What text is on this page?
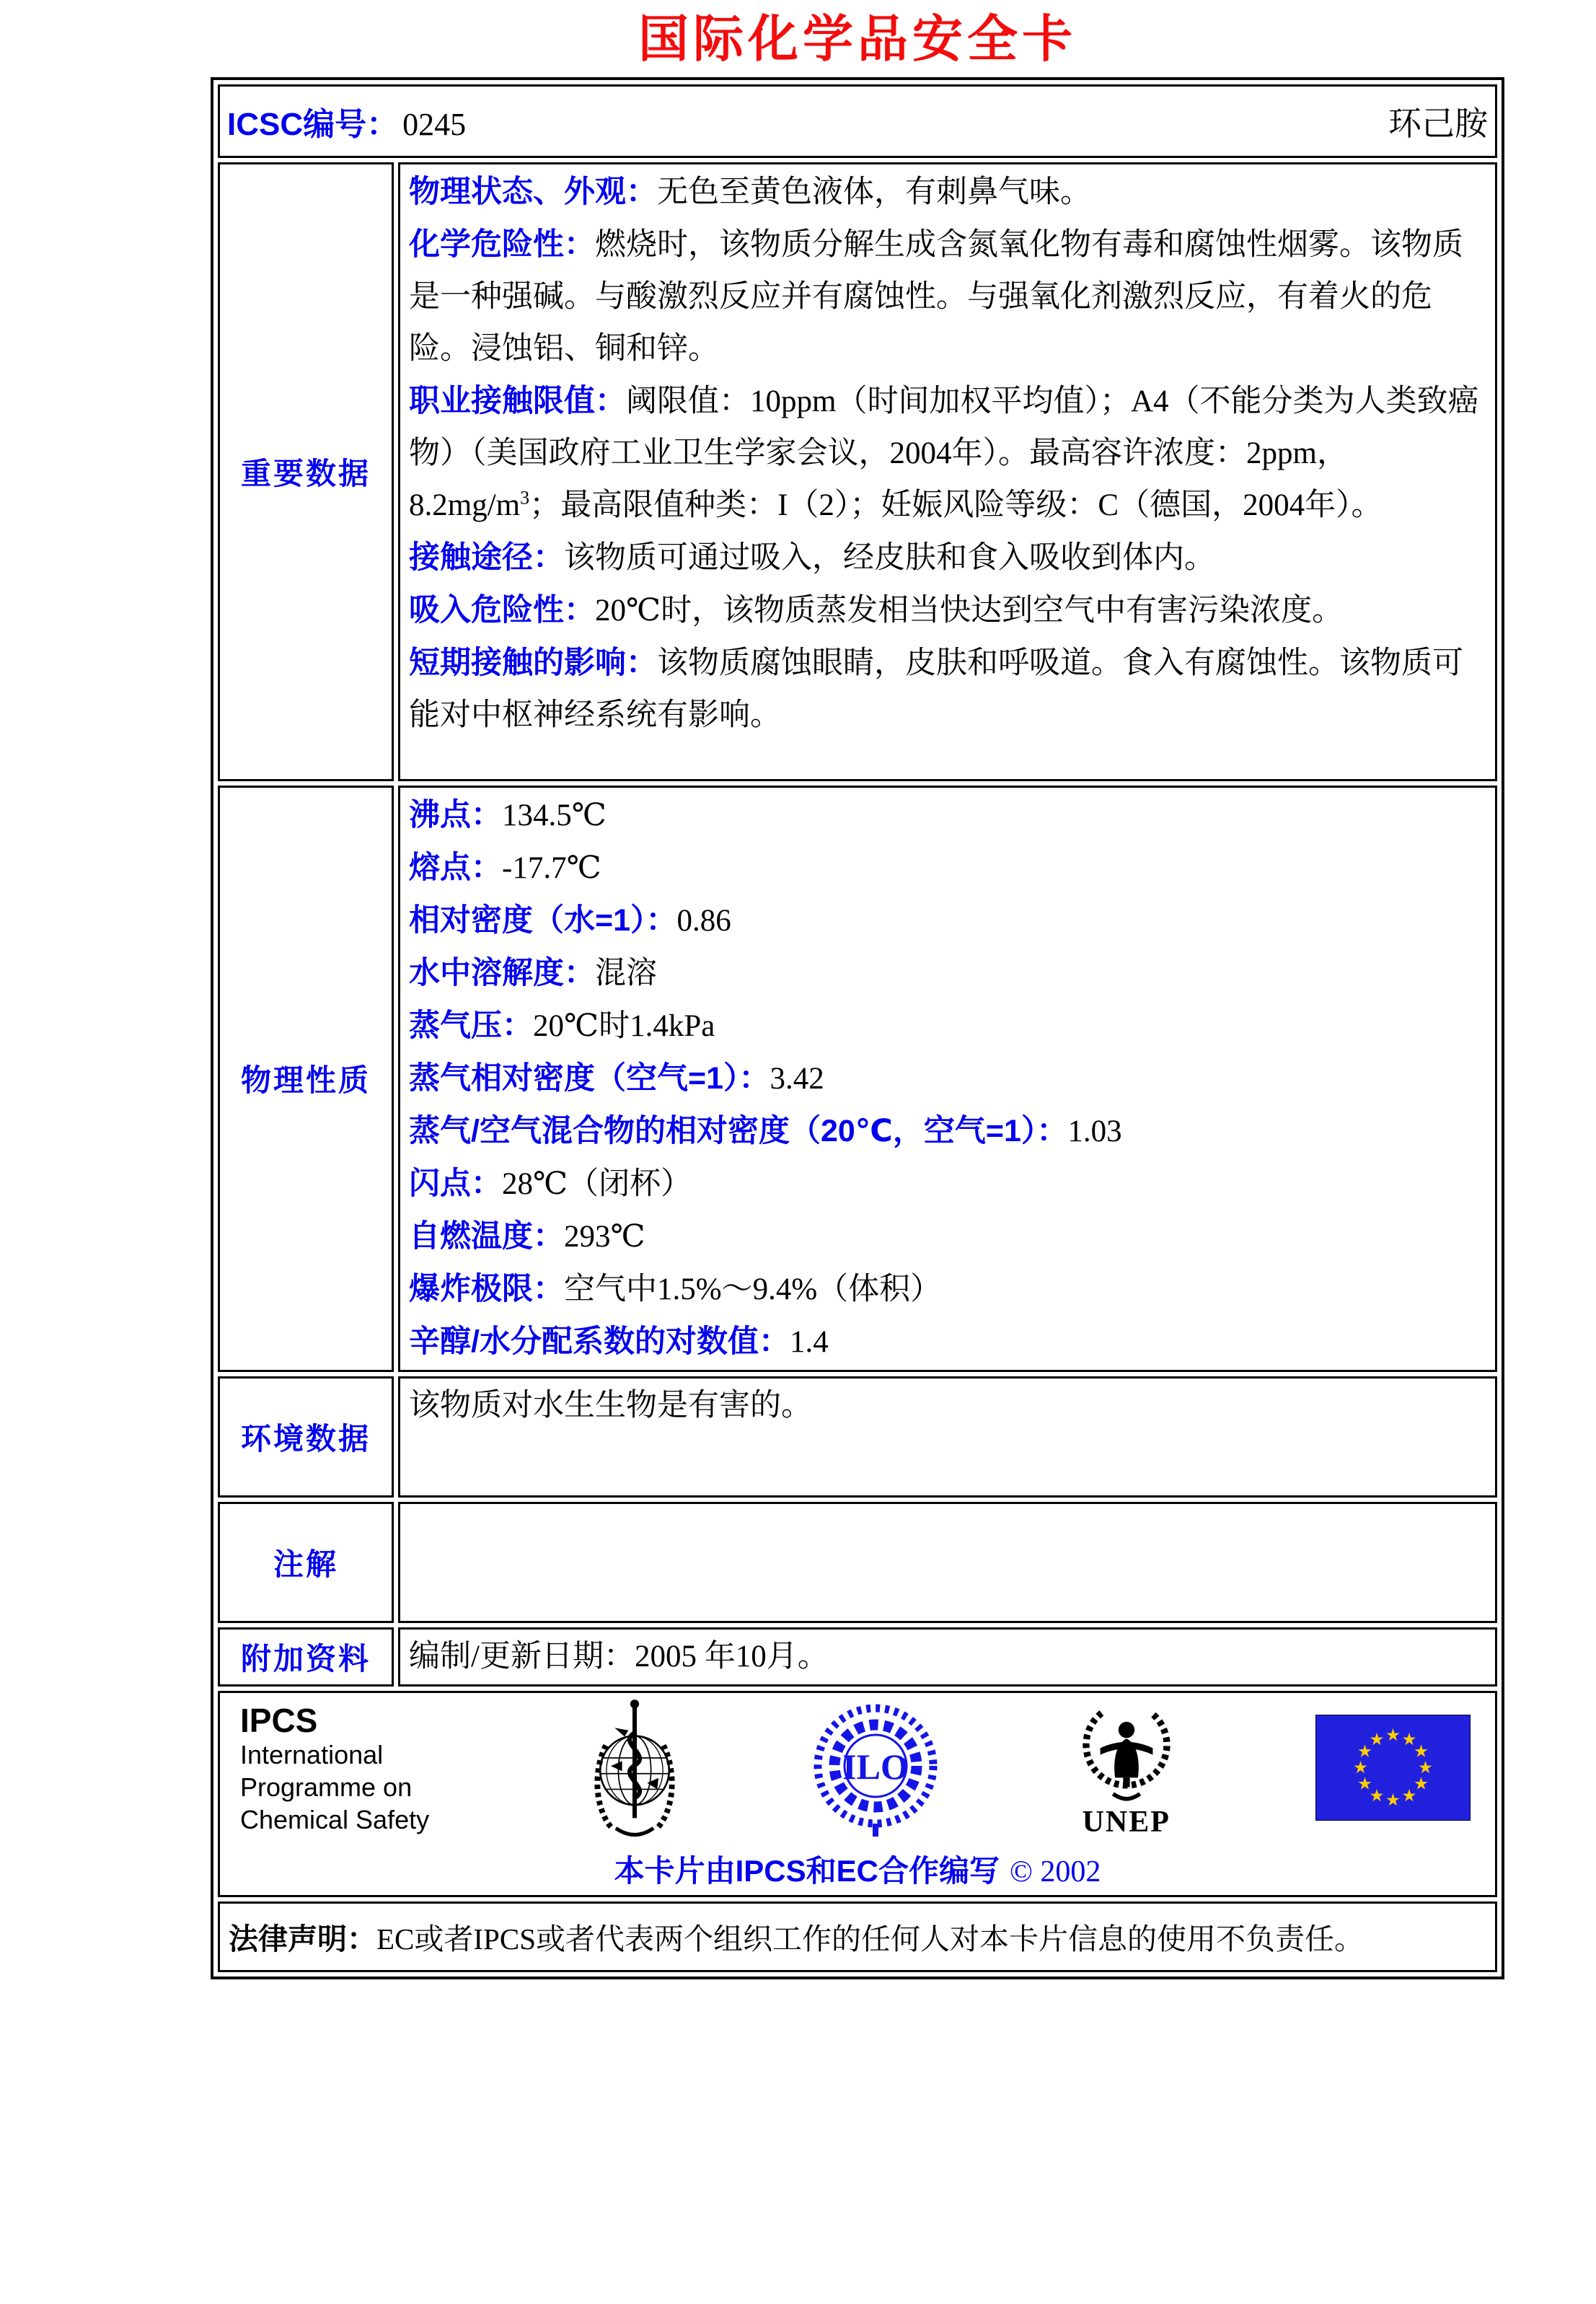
国际化学品安全卡
ICSC编号： 0245 环己胺	

重要数据	

物理状态、外观：无色至黄色液体，有刺鼻气味。

化学危险性：燃烧时，该物质分解生成含氮氧化物有毒和腐蚀性烟雾。该物质是一种强碱。与酸激烈反应并有腐蚀性。与强氧化剂激烈反应，有着火的危险。浸蚀铝、铜和锌。

职业接触限值：阈限值：10ppm（时间加权平均值）；A4（不能分类为人类致癌物）（美国政府工业卫生学家会议，2004年）。最高容许浓度：2ppm，$8.2mg/m^3$；最高限值种类：I（2）；妊娠风险等级：C（德国，2004年）。

接触途径：该物质可通过吸入，经皮肤和食入吸收到体内。

吸入危险性：20℃时，该物质蒸发相当快达到空气中有害污染浓度。

短期接触的影响：该物质腐蚀眼睛，皮肤和呼吸道。食入有腐蚀性。该物质可能对中枢神经系统有影响。

物理性质	

沸点：134.5℃

熔点：-17.7℃

相对密度（水=1）：0.86

水中溶解度：混溶

蒸气压：20℃时1.4kPa

蒸气相对密度（空气=1）：3.42

蒸气/空气混合物的相对密度（20℃，空气=1）：1.03

闪点：28℃（闭杯）

自燃温度：293℃

爆炸极限：空气中1.5%～9.4%（体积）

辛醇/水分配系数的对数值：1.4

环境数据	该物质对水生生物是有害的。

注解	

附加资料	编制/更新日期：2005 年10月。

IPCS
International
Programme on
Chemical Safety
ILO
UNEP
本卡片由IPCS和EC合作编写 © 2002

法律声明：EC或者IPCS或者代表两个组织工作的任何人对本卡片信息的使用不负责任。	
